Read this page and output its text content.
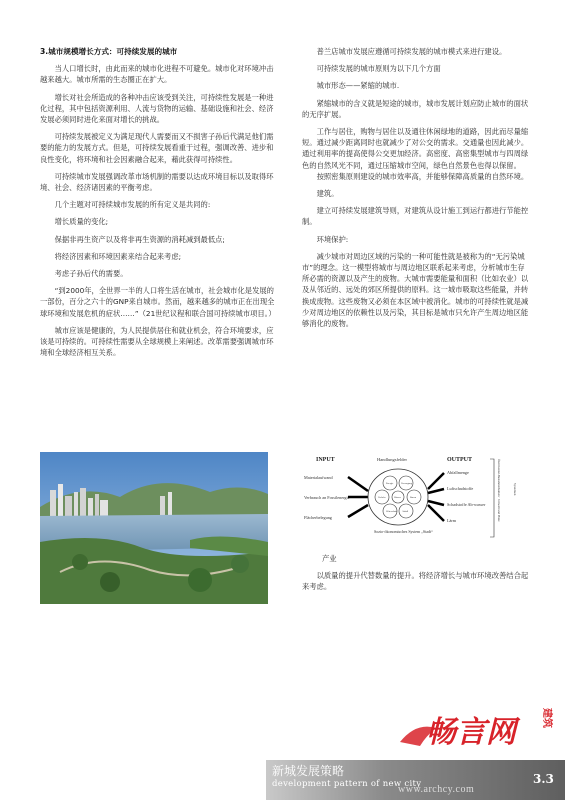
3.城市规模增长方式：可持续发展的城市

当人口增长时，由此而来的城市化进程不可避免。城市化对环境冲击越来越大。城市所需的生态圈正在扩大。

增长对社会所造成的各种冲击应该受到关注，可持续性发展是一种进化过程，其中包括资源利用、人流与货物的运输、基础设施和社会、经济发展必须同时进化来面对增长的挑战。

可持续发展被定义为满足现代人需要而又不损害子孙后代满足他们需要的能力的发展方式。但是，可持续发展看重于过程，强调改善、进步和良性变化，将环境和社会因素融合起来，藉此获得可持续性。

可持续城市发展强调改革市场机制的需要以达成环境目标以及取得环境、社会、经济诸因素的平衡考虑。

几个主题对可持续城市发展的所有定义是共同的:

增长质量的变化;

保据非再生资产以及将非再生资源的消耗减到最低点;

将经济因素和环境因素来结合起来考虑;

考虑子孙后代的需要。

“到2000年，全世界一半的人口将生活在城市，社会城市化是发展的一部份，百分之六十的GNP来自城市。然而，越来越多的城市正在出现全球环境和发展危机的症状……”（21世纪议程和联合国可持续城市项目。）

城市应该是健康的，为人民提供居住和就业机会，符合环境要求，应该是可持续的。可持续性需要从全球规模上来阐述。改革需要强调城市环境和全球经济相互关系。

普兰店城市发展应遵循可持续发展的城市模式来进行建设。

可持续发展的城市原则为以下几个方面

城市形态——紧缩的城市.

紧缩城市的含义就是短途的城市，城市发展计划应防止城市的面状的无序扩展。

工作与居住，购物与居住以及通往休闲绿地的道路，因此而尽量缩短。通过减少距离同时也就减少了对公交的需求。交通量也因此减少。通过利用率的提高使得公交更加经济。高密度、高密集型城市与四周绿色的自然风光不同，通过压缩城市空间，绿色自然景色也得以保留。

按照密集原则建设的城市效率高，并能够保障高质量的自然环境。

建筑。

建立可持续发展建筑导则，对建筑从设计施工到运行都进行节能控制。

环境保护:

减少城市对周边区域的污染的一种可能性就是被称为的“无污染城市”的理念。这一模型将城市与周边地区联系起来考虑，分析城市生存所必需的资源以及产生的废物。大城市需要能量和面积（比如农业）以及从邻近的、远处的郊区所提供的原料。这一城市吸取这些能量，并转换成废物。这些废物又必须在本区域中被消化。城市的可持续性就是减少对周边地区的依赖性以及污染，其目标是城市只允许产生周边地区能够消化的废物。

INPUT	OUTPUT
Handlungsfelder
Materialaufwand
Verbrauch an Fossilenergie
Flächerbelegung
Energie	Versorgung
Verkehr	Bauen
Wirt-schaft Abfall
Wasser
Sozio-ökonomisches System „Stadt“
Abfallmenge
Luftschadstoffe
Schadstoffe Ab-wasser
Lärm	Ökoinventar-Basisdatenbanken · Umwelt und Pläne	Systemen

产业

以质量的提升代替数量的提升。将经济增长与城市环境改善结合起来考虑。

畅言网	建筑
新城发展策略
development pattern of new city
www.archcy.com
3.3
